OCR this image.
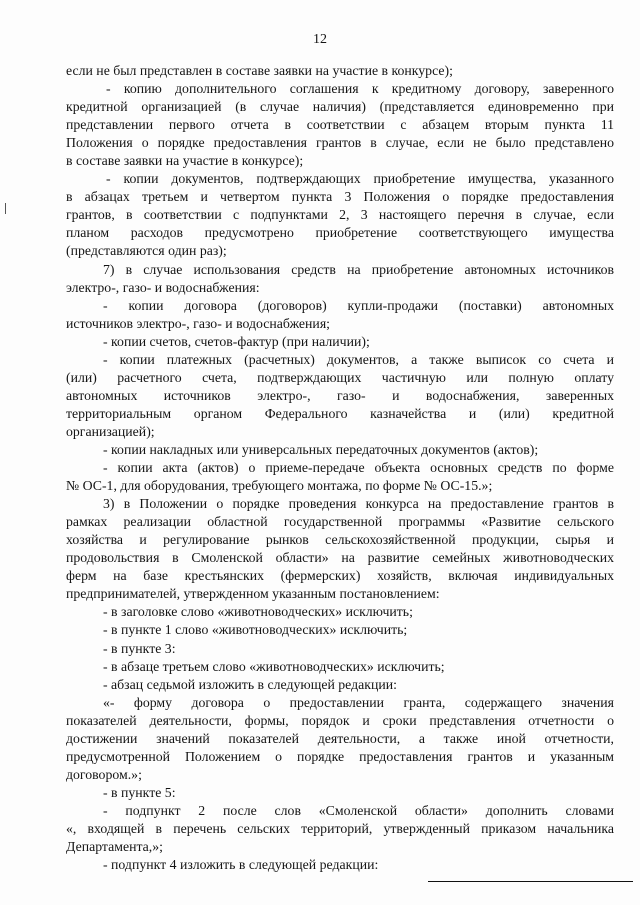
12
если не был представлен в составе заявки на участие в конкурсе);
- копию дополнительного соглашения к кредитному договору, заверенного
кредитной организацией (в случае наличия) (представляется единовременно при
представлении первого отчета в соответствии с абзацем вторым пункта 11
Положения о порядке предоставления грантов в случае, если не было представлено
в составе заявки на участие в конкурсе);
- копии документов, подтверждающих приобретение имущества, указанного
в абзацах третьем и четвертом пункта 3 Положения о порядке предоставления
грантов, в соответствии с подпунктами 2, 3 настоящего перечня в случае, если
планом расходов предусмотрено приобретение соответствующего имущества
(представляются один раз);
7) в случае использования средств на приобретение автономных источников
электро-, газо- и водоснабжения:
- копии договора (договоров) купли-продажи (поставки) автономных
источников электро-, газо- и водоснабжения;
- копии счетов, счетов-фактур (при наличии);
- копии платежных (расчетных) документов, а также выписок со счета и
(или) расчетного счета, подтверждающих частичную или полную оплату
автономных источников электро-, газо- и водоснабжения, заверенных
территориальным органом Федерального казначейства и (или) кредитной
организацией);
- копии накладных или универсальных передаточных документов (актов);
- копии акта (актов) о приеме-передаче объекта основных средств по форме
№ ОС-1, для оборудования, требующего монтажа, по форме № ОС-15.»;
3) в Положении о порядке проведения конкурса на предоставление грантов в
рамках реализации областной государственной программы «Развитие сельского
хозяйства и регулирование рынков сельскохозяйственной продукции, сырья и
продовольствия в Смоленской области» на развитие семейных животноводческих
ферм на базе крестьянских (фермерских) хозяйств, включая индивидуальных
предпринимателей, утвержденном указанным постановлением:
- в заголовке слово «животноводческих» исключить;
- в пункте 1 слово «животноводческих» исключить;
- в пункте 3:
- в абзаце третьем слово «животноводческих» исключить;
- абзац седьмой изложить в следующей редакции:
«- форму договора о предоставлении гранта, содержащего значения
показателей деятельности, формы, порядок и сроки представления отчетности о
достижении значений показателей деятельности, а также иной отчетности,
предусмотренной Положением о порядке предоставления грантов и указанным
договором.»;
- в пункте 5:
- подпункт 2 после слов «Смоленской области» дополнить словами
«, входящей в перечень сельских территорий, утвержденный приказом начальника
Департамента,»;
- подпункт 4 изложить в следующей редакции:
